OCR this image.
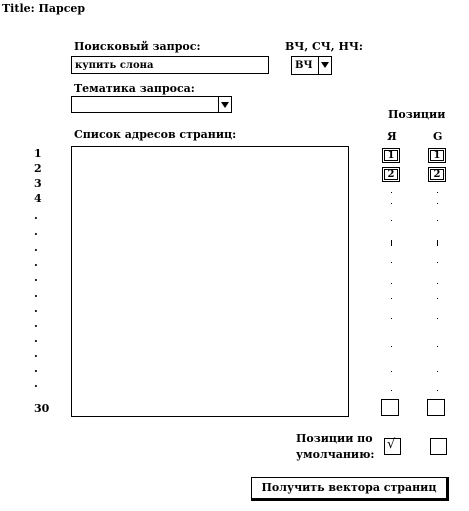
Title: Парсер
Поисковый запрос:
купить слона
ВЧ, СЧ, НЧ:
ВЧ
Тематика запроса:
Позиции
Я	G
Список адресов страниц:
1
2
3
4
.
.
.
.
.
.
.
.
.
.
.
.
30
1
2
1
2
Позиции по
умолчанию:
√
Получить вектора страниц
